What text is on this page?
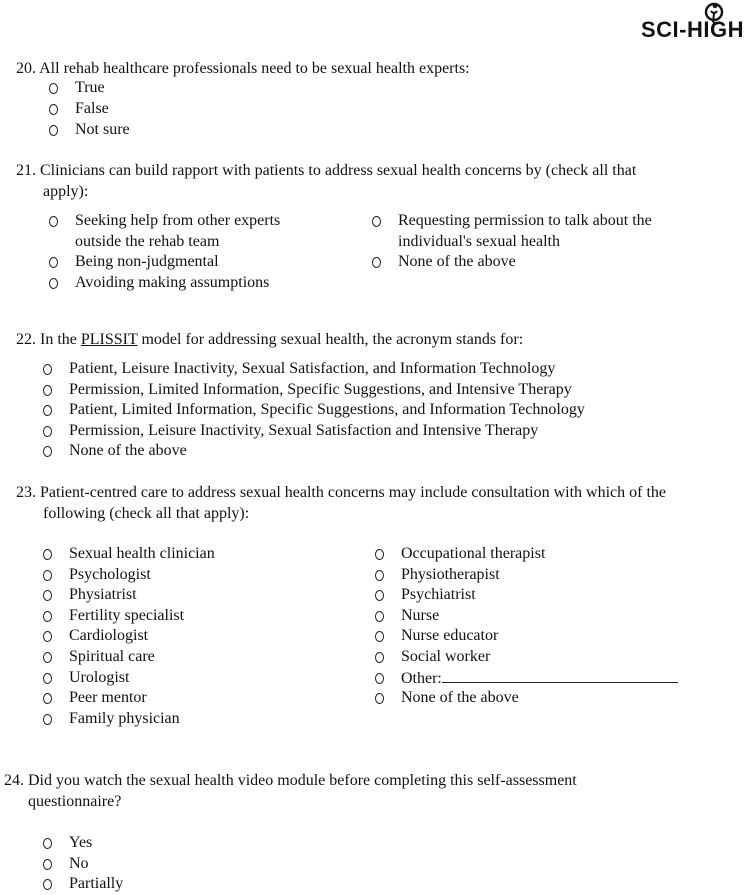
SCI-HIGH
20. All rehab healthcare professionals need to be sexual health experts:
True
False
Not sure
21. Clinicians can build rapport with patients to address sexual health concerns by (check all that
apply):
Seeking help from other experts
outside the rehab team
Being non-judgmental
Avoiding making assumptions
Requesting permission to talk about the
individual's sexual health
None of the above
22. In the PLISSIT model for addressing sexual health, the acronym stands for:
Patient, Leisure Inactivity, Sexual Satisfaction, and Information Technology
Permission, Limited Information, Specific Suggestions, and Intensive Therapy
Patient, Limited Information, Specific Suggestions, and Information Technology
Permission, Leisure Inactivity, Sexual Satisfaction and Intensive Therapy
None of the above
23. Patient-centred care to address sexual health concerns may include consultation with which of the
following (check all that apply):
Sexual health clinician
Psychologist
Physiatrist
Fertility specialist
Cardiologist
Spiritual care
Urologist
Peer mentor
Family physician
Occupational therapist
Physiotherapist
Psychiatrist
Nurse
Nurse educator
Social worker
Other:
None of the above
24. Did you watch the sexual health video module before completing this self-assessment
questionnaire?
Yes
No
Partially
